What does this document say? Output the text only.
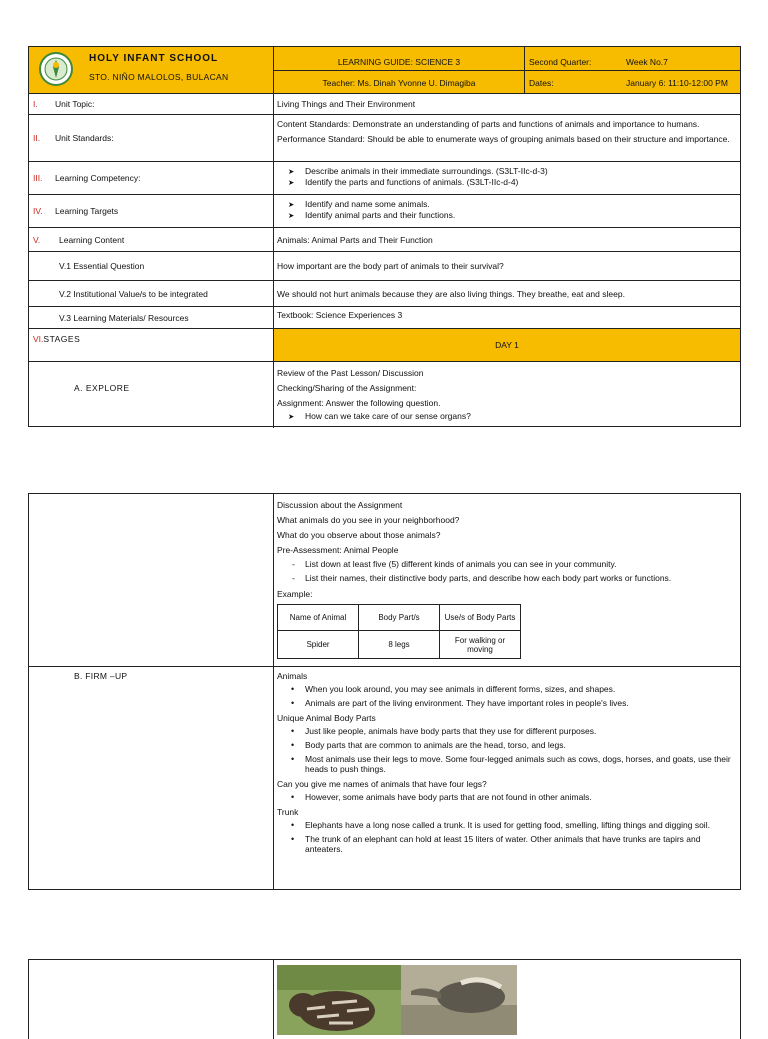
HOLY INFANT SCHOOL
STO. NIÑO MALOLOS, BULACAN
LEARNING GUIDE: SCIENCE 3
Teacher: Ms. Dinah Yvonne U. Dimagiba
Second Quarter:	Week No.7
Dates:	January 6: 11:10-12:00 PM
I.	Unit Topic:	Living Things and Their Environment
II.	Unit Standards:
Content Standards: Demonstrate an understanding of parts and functions of animals and importance to humans.
Performance Standard: Should be able to enumerate ways of grouping animals based on their structure and importance.
III.	Learning Competency:
➤ Describe animals in their immediate surroundings. (S3LT-IIc-d-3)
➤ Identify the parts and functions of animals. (S3LT-IIc-d-4)
IV.	Learning Targets
➤ Identify and name some animals.
➤ Identify animal parts and their functions.
V.	Learning Content	Animals: Animal Parts and Their Function
V.1 Essential Question	How important are the body part of animals to their survival?
V.2 Institutional Value/s to be integrated	We should not hurt animals because they are also living things. They breathe, eat and sleep.
V.3 Learning Materials/ Resources	Textbook: Science Experiences 3
VI.STAGES
DAY 1
A. EXPLORE
Review of the Past Lesson/ Discussion
Checking/Sharing of the Assignment:
Assignment: Answer the following question.
➤ How can we take care of our sense organs?
Discussion about the Assignment
What animals do you see in your neighborhood?
What do you observe about those animals?
Pre-Assessment: Animal People
- List down at least five (5) different kinds of animals you can see in your community.
- List their names, their distinctive body parts, and describe how each body part works or functions.
Example:
Name of Animal	Body Part/s	Use/s of Body Parts
Spider	8 legs	For walking or moving
B. FIRM –UP	Animals
• When you look around, you may see animals in different forms, sizes, and shapes.
• Animals are part of the living environment. They have important roles in people's lives.
Unique Animal Body Parts
• Just like people, animals have body parts that they use for different purposes.
• Body parts that are common to animals are the head, torso, and legs.
• Most animals use their legs to move. Some four-legged animals such as cows, dogs, horses, and goats, use their heads to push things.
Can you give me names of animals that have four legs?
• However, some animals have body parts that are not found in other animals.
Trunk
• Elephants have a long nose called a trunk. It is used for getting food, smelling, lifting things and digging soil.
• The trunk of an elephant can hold at least 15 liters of water. Other animals that have trunks are tapirs and anteaters.
